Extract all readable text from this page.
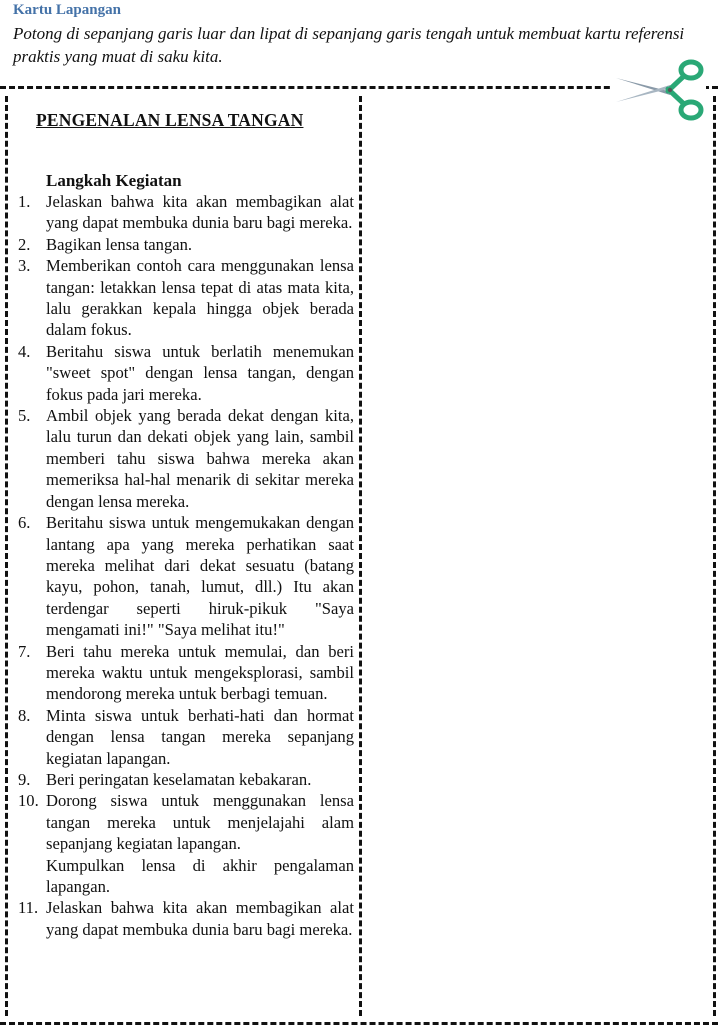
Kartu Lapangan
Potong di sepanjang garis luar dan lipat di sepanjang garis tengah untuk membuat kartu referensi praktis yang muat di saku kita.
PENGENALAN LENSA TANGAN
Langkah Kegiatan
1. Jelaskan bahwa kita akan membagikan alat yang dapat membuka dunia baru bagi mereka.
2. Bagikan lensa tangan.
3. Memberikan contoh cara menggunakan lensa tangan: letakkan lensa tepat di atas mata kita, lalu gerakkan kepala hingga objek berada dalam fokus.
4. Beritahu siswa untuk berlatih menemukan "sweet spot" dengan lensa tangan, dengan fokus pada jari mereka.
5. Ambil objek yang berada dekat dengan kita, lalu turun dan dekati objek yang lain, sambil memberi tahu siswa bahwa mereka akan memeriksa hal-hal menarik di sekitar mereka dengan lensa mereka.
6. Beritahu siswa untuk mengemukakan dengan lantang apa yang mereka perhatikan saat mereka melihat dari dekat sesuatu (batang kayu, pohon, tanah, lumut, dll.) Itu akan terdengar seperti hiruk-pikuk "Saya mengamati ini!" "Saya melihat itu!"
7. Beri tahu mereka untuk memulai, dan beri mereka waktu untuk mengeksplorasi, sambil mendorong mereka untuk berbagi temuan.
8. Minta siswa untuk berhati-hati dan hormat dengan lensa tangan mereka sepanjang kegiatan lapangan.
9. Beri peringatan keselamatan kebakaran.
10. Dorong siswa untuk menggunakan lensa tangan mereka untuk menjelajahi alam sepanjang kegiatan lapangan.
Kumpulkan lensa di akhir pengalaman lapangan.
11. Jelaskan bahwa kita akan membagikan alat yang dapat membuka dunia baru bagi mereka.
